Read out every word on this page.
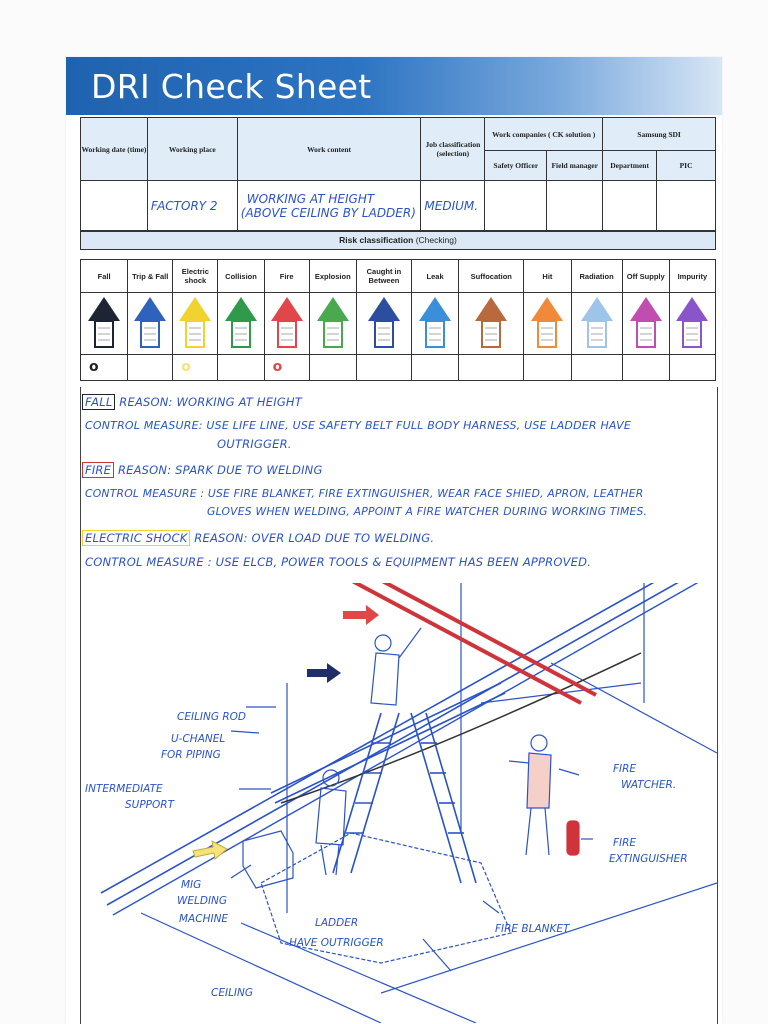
DRI Check Sheet
Working date (time)	Working place	Work content	Job classification (selection)	Work companies ( CK solution )		Samsung SDI	
				Safety Officer	Field manager	Department	PIC
	FACTORY 2	WORKING AT HEIGHT
(ABOVE CEILING BY LADDER)	MEDIUM.				
Risk classification (Checking)
Fall	Trip & Fall	Electric shock	Collision	Fire	Explosion	Caught in Between	Leak	Suffocation	Hit	Radiation	Off Supply	Impurity

o		o		o								
FALL REASON: WORKING AT HEIGHT
CONTROL MEASURE: USE LIFE LINE, USE SAFETY BELT FULL BODY HARNESS, USE LADDER HAVE
OUTRIGGER.
FIRE REASON: SPARK DUE TO WELDING
CONTROL MEASURE : USE FIRE BLANKET, FIRE EXTINGUISHER, WEAR FACE SHIED, APRON, LEATHER
GLOVES WHEN WELDING, APPOINT A FIRE WATCHER DURING WORKING TIMES.
ELECTRIC SHOCK REASON: OVER LOAD DUE TO WELDING.
CONTROL MEASURE : USE ELCB, POWER TOOLS & EQUIPMENT HAS BEEN APPROVED.
CEILING ROD
U-CHANEL
FOR PIPING
INTERMEDIATE
SUPPORT
FIRE
WATCHER.
FIRE
EXTINGUISHER
MIG
WELDING
MACHINE	LADDER
HAVE OUTRIGGER
FIRE BLANKET
CEILING
